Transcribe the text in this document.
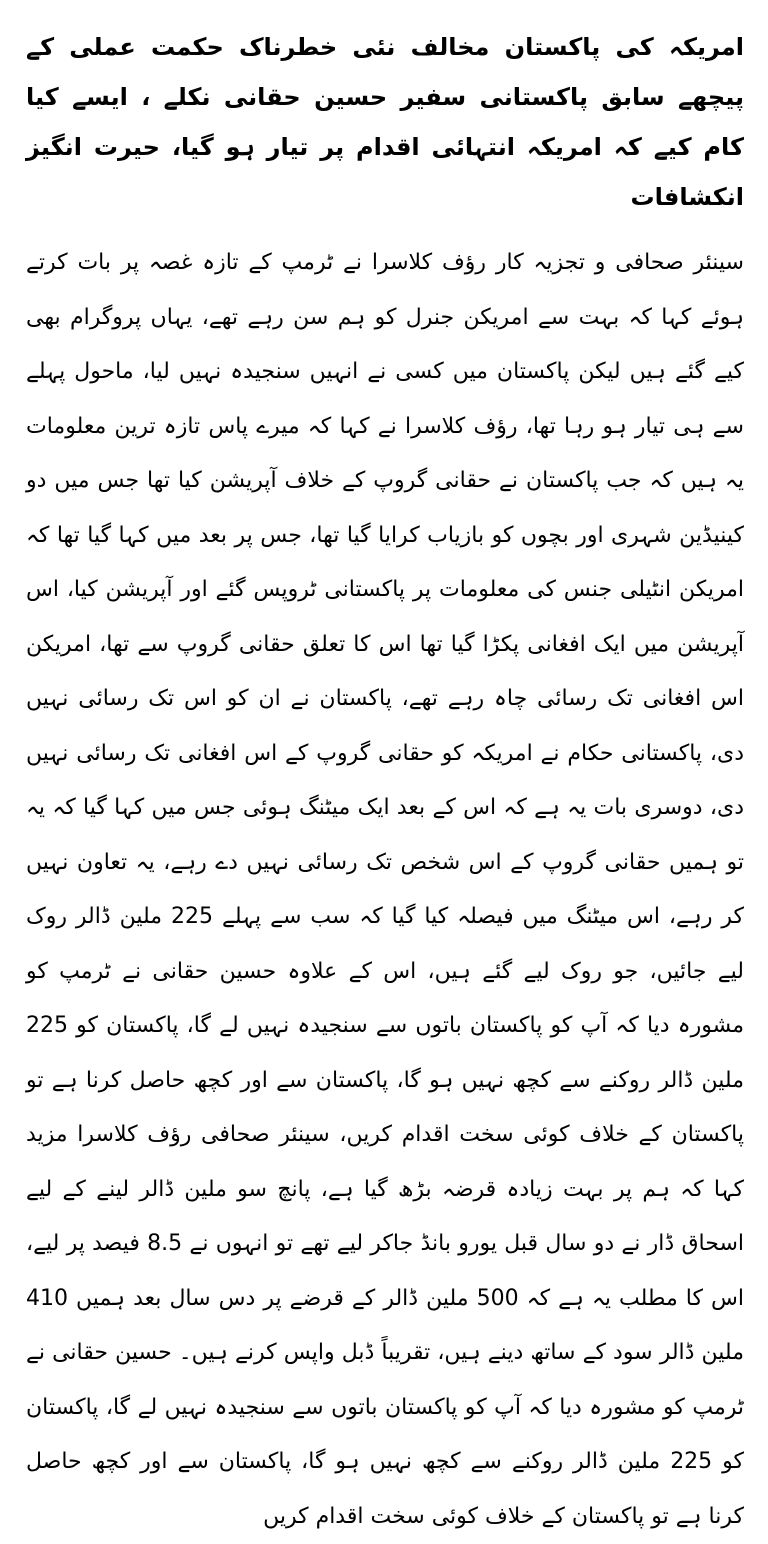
امریکہ کی پاکستان مخالف نئی خطرناک حکمت عملی کے پیچھے سابق پاکستانی سفیر حسین حقانی نکلے ، ایسے کیا کام کیے کہ امریکہ انتہائی اقدام پر تیار ہو گیا، حیرت انگیز انکشافات

سینئر صحافی و تجزیہ کار رؤف کلاسرا نے ٹرمپ کے تازہ غصہ پر بات کرتے ہوئے کہا کہ بہت سے امریکن جنرل کو ہم سن رہے تھے، یہاں پروگرام بھی کیے گئے ہیں لیکن پاکستان میں کسی نے انہیں سنجیدہ نہیں لیا، ماحول پہلے سے ہی تیار ہو رہا تھا، رؤف کلاسرا نے کہا کہ میرے پاس تازہ ترین معلومات یہ ہیں کہ جب پاکستان نے حقانی گروپ کے خلاف آپریشن کیا تھا جس میں دو کینیڈین شہری اور بچوں کو بازیاب کرایا گیا تھا، جس پر بعد میں کہا گیا تھا کہ امریکن انٹیلی جنس کی معلومات پر پاکستانی ٹروپس گئے اور آپریشن کیا، اس آپریشن میں ایک افغانی پکڑا گیا تھا اس کا تعلق حقانی گروپ سے تھا، امریکن اس افغانی تک رسائی چاہ رہے تھے، پاکستان نے ان کو اس تک رسائی نہیں دی، پاکستانی حکام نے امریکہ کو حقانی گروپ کے اس افغانی تک رسائی نہیں دی، دوسری بات یہ ہے کہ اس کے بعد ایک میٹنگ ہوئی جس میں کہا گیا کہ یہ تو ہمیں حقانی گروپ کے اس شخص تک رسائی نہیں دے رہے، یہ تعاون نہیں کر رہے، اس میٹنگ میں فیصلہ کیا گیا کہ سب سے پہلے 225 ملین ڈالر روک لیے جائیں، جو روک لیے گئے ہیں، اس کے علاوہ حسین حقانی نے ٹرمپ کو مشورہ دیا کہ آپ کو پاکستان باتوں سے سنجیدہ نہیں لے گا، پاکستان کو 225 ملین ڈالر روکنے سے کچھ نہیں ہو گا، پاکستان سے اور کچھ حاصل کرنا ہے تو پاکستان کے خلاف کوئی سخت اقدام کریں، سینئر صحافی رؤف کلاسرا مزید کہا کہ ہم پر بہت زیادہ قرضہ بڑھ گیا ہے، پانچ سو ملین ڈالر لینے کے لیے اسحاق ڈار نے دو سال قبل یورو بانڈ جاکر لیے تھے تو انہوں نے 8.5 فیصد پر لیے، اس کا مطلب یہ ہے کہ 500 ملین ڈالر کے قرضے پر دس سال بعد ہمیں 410 ملین ڈالر سود کے ساتھ دینے ہیں، تقریباً ڈبل واپس کرنے ہیں۔ حسین حقانی نے ٹرمپ کو مشورہ دیا کہ آپ کو پاکستان باتوں سے سنجیدہ نہیں لے گا، پاکستان کو 225 ملین ڈالر روکنے سے کچھ نہیں ہو گا، پاکستان سے اور کچھ حاصل کرنا ہے تو پاکستان کے خلاف کوئی سخت اقدام کریں
